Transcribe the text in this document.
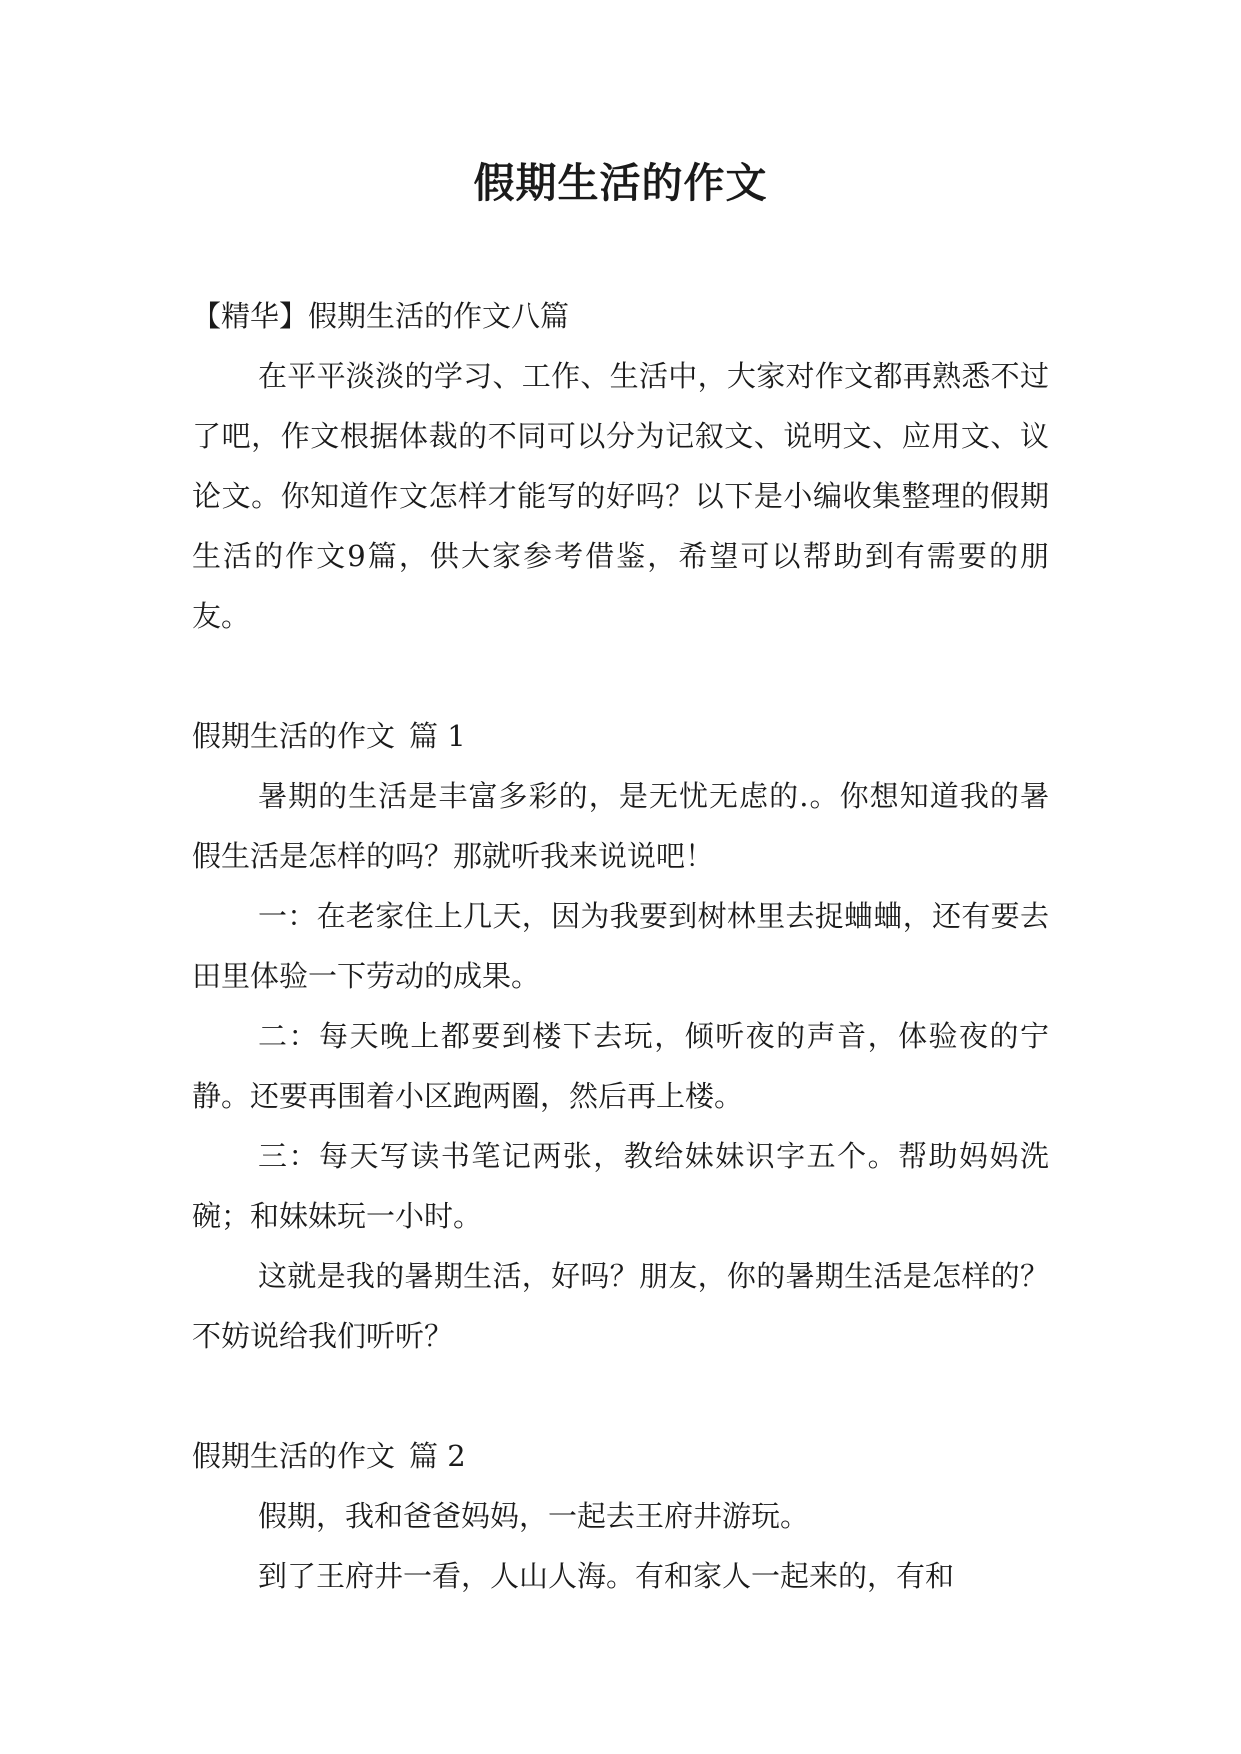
假期生活的作文

【精华】假期生活的作文八篇

在平平淡淡的学习、工作、生活中，大家对作文都再熟悉不过了吧，作文根据体裁的不同可以分为记叙文、说明文、应用文、议论文。你知道作文怎样才能写的好吗？以下是小编收集整理的假期生活的作文9篇，供大家参考借鉴，希望可以帮助到有需要的朋友。

假期生活的作文 篇 1

暑期的生活是丰富多彩的，是无忧无虑的.。你想知道我的暑假生活是怎样的吗？那就听我来说说吧！

一：在老家住上几天，因为我要到树林里去捉蛐蛐，还有要去田里体验一下劳动的成果。

二：每天晚上都要到楼下去玩，倾听夜的声音，体验夜的宁静。还要再围着小区跑两圈，然后再上楼。

三：每天写读书笔记两张，教给妹妹识字五个。帮助妈妈洗碗；和妹妹玩一小时。

这就是我的暑期生活，好吗？朋友，你的暑期生活是怎样的？不妨说给我们听听？

假期生活的作文 篇 2

假期，我和爸爸妈妈，一起去王府井游玩。

到了王府井一看，人山人海。有和家人一起来的，有和
